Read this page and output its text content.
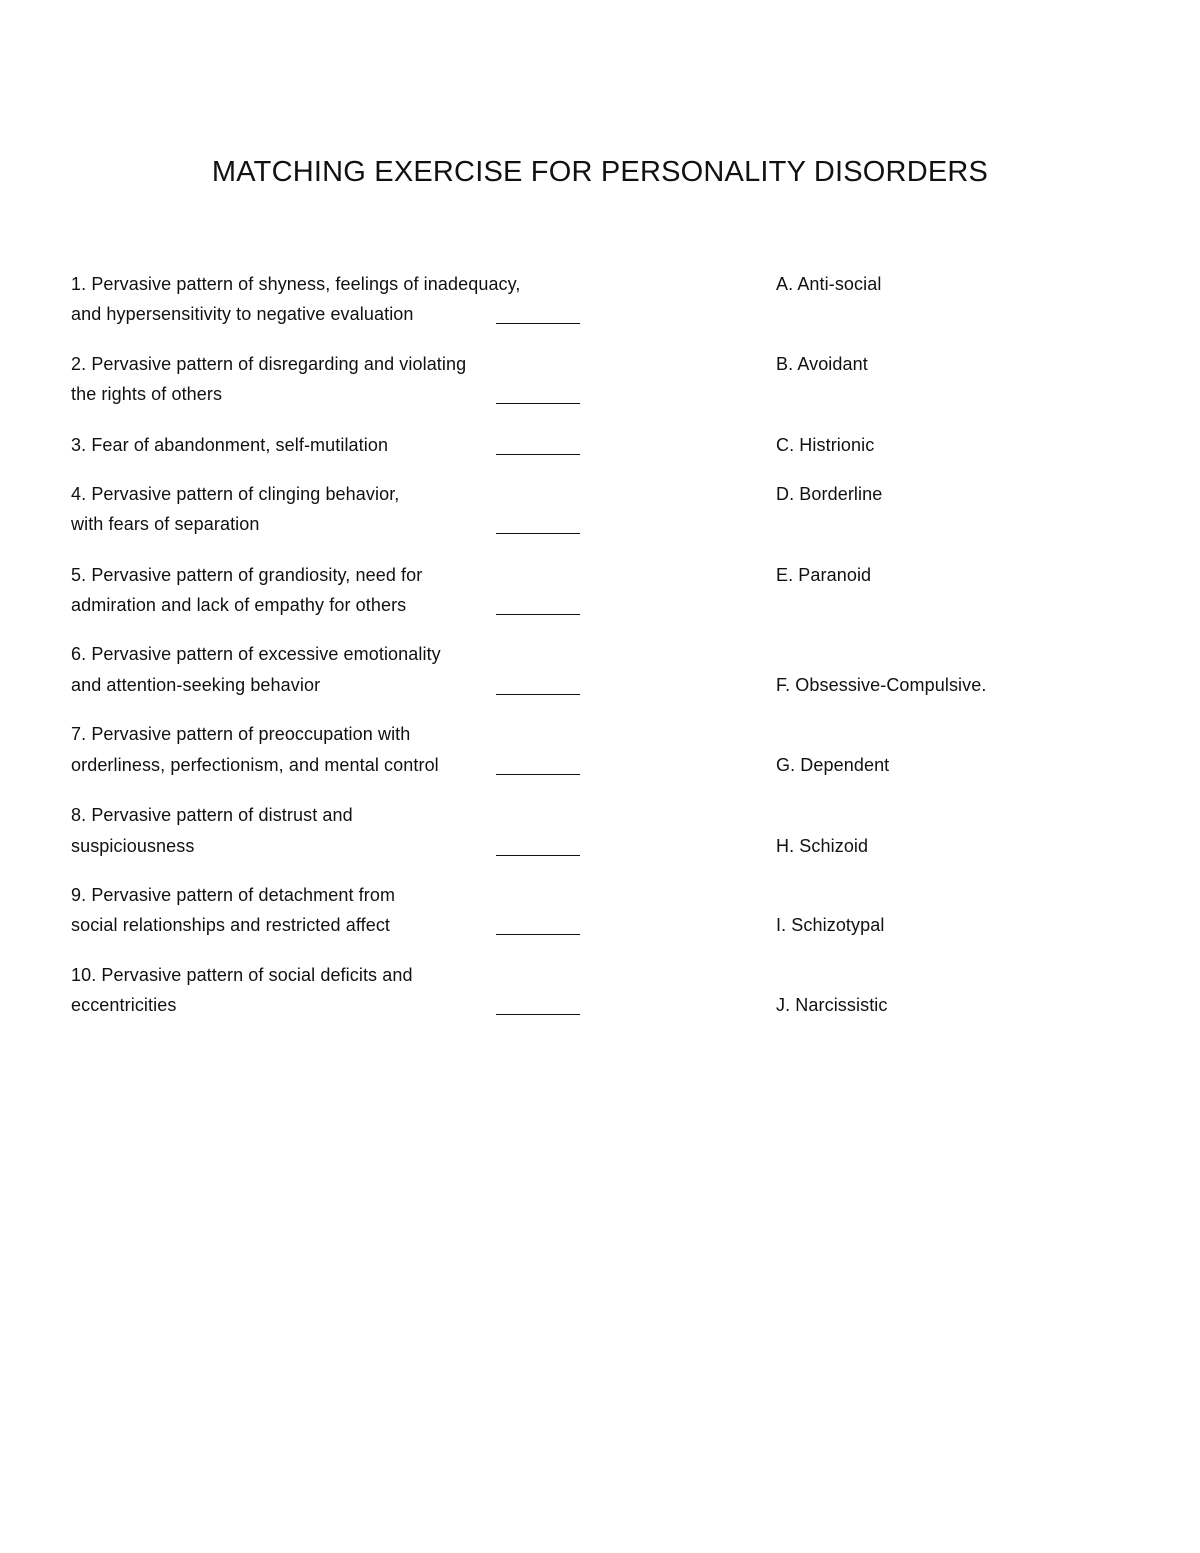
MATCHING EXERCISE FOR PERSONALITY DISORDERS
1. Pervasive pattern of shyness, feelings of inadequacy,
and hypersensitivity to negative evaluation
2. Pervasive pattern of disregarding and violating
the rights of others
3. Fear of abandonment, self-mutilation
4. Pervasive pattern of clinging behavior,
with fears of separation
5. Pervasive pattern of grandiosity, need for
admiration and lack of empathy for others
6. Pervasive pattern of excessive emotionality
and attention-seeking behavior
7. Pervasive pattern of preoccupation with
orderliness, perfectionism, and mental control
8. Pervasive pattern of distrust and
suspiciousness
9. Pervasive pattern of detachment from
social relationships and restricted affect
10. Pervasive pattern of social deficits and
eccentricities
A. Anti-social
B. Avoidant
C. Histrionic
D. Borderline
E. Paranoid
F. Obsessive-Compulsive.
G. Dependent
H. Schizoid
I. Schizotypal
J. Narcissistic
